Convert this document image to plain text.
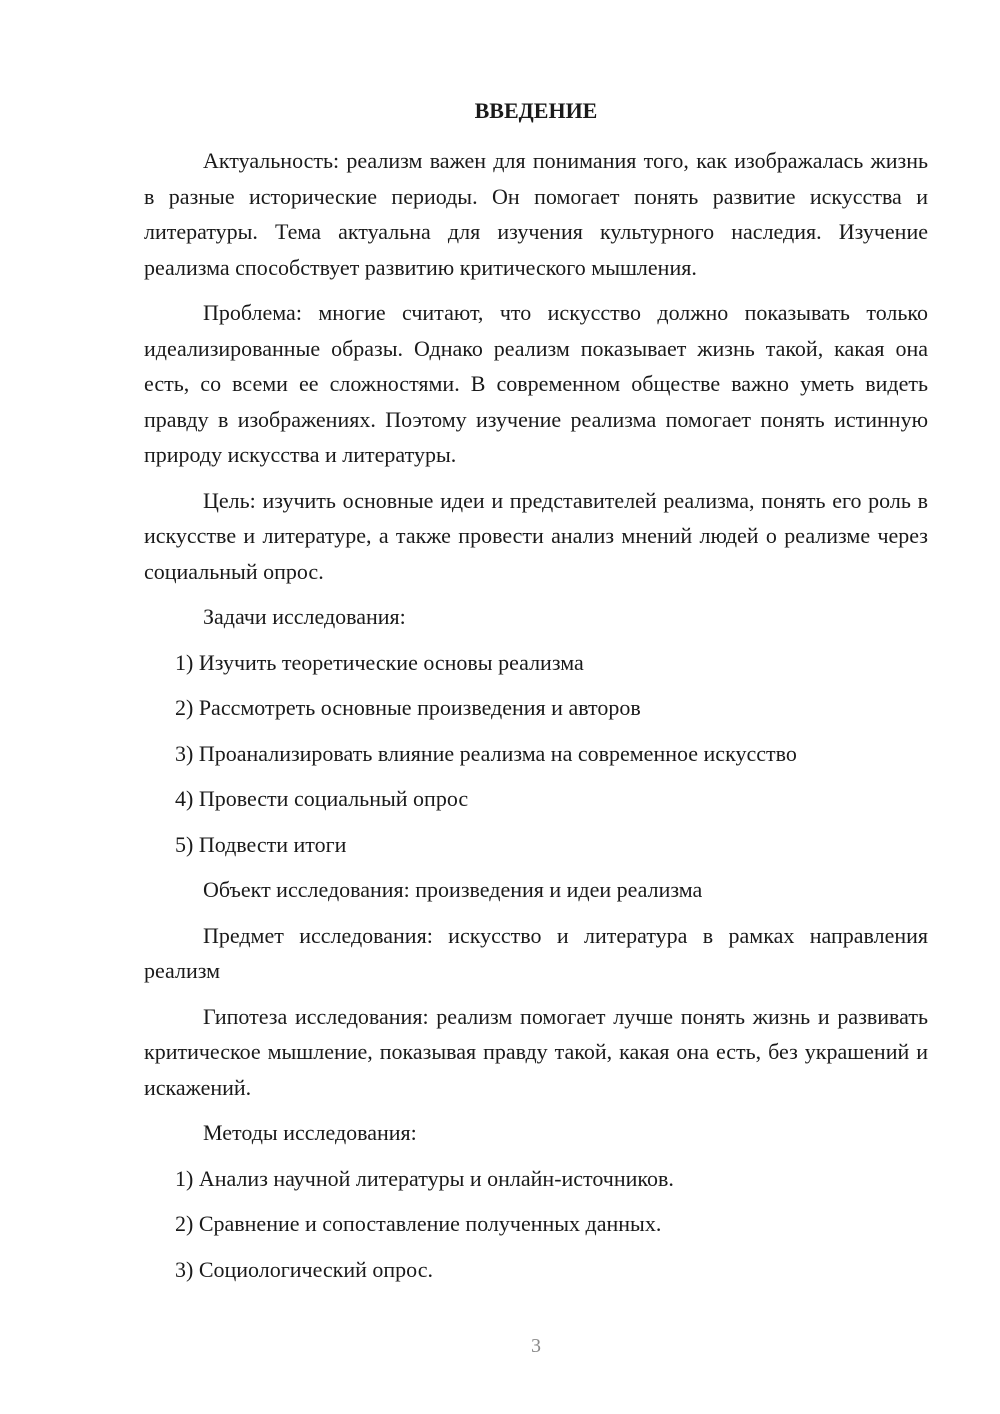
ВВЕДЕНИЕ

Актуальность: реализм важен для понимания того, как изображалась жизнь в разные исторические периоды. Он помогает понять развитие искусства и литературы. Тема актуальна для изучения культурного наследия. Изучение реализма способствует развитию критического мышления.

Проблема: многие считают, что искусство должно показывать только идеализированные образы. Однако реализм показывает жизнь такой, какая она есть, со всеми ее сложностями. В современном обществе важно уметь видеть правду в изображениях. Поэтому изучение реализма помогает понять истинную природу искусства и литературы.

Цель: изучить основные идеи и представителей реализма, понять его роль в искусстве и литературе, а также провести анализ мнений людей о реализме через социальный опрос.

Задачи исследования:
1) Изучить теоретические основы реализма
2) Рассмотреть основные произведения и авторов
3) Проанализировать влияние реализма на современное искусство
4) Провести социальный опрос
5) Подвести итоги
Объект исследования: произведения и идеи реализма

Предмет исследования: искусство и литература в рамках направления реализм

Гипотеза исследования: реализм помогает лучше понять жизнь и развивать критическое мышление, показывая правду такой, какая она есть, без украшений и искажений.

Методы исследования:
1) Анализ научной литературы и онлайн-источников.
2) Сравнение и сопоставление полученных данных.
3) Социологический опрос.
3
